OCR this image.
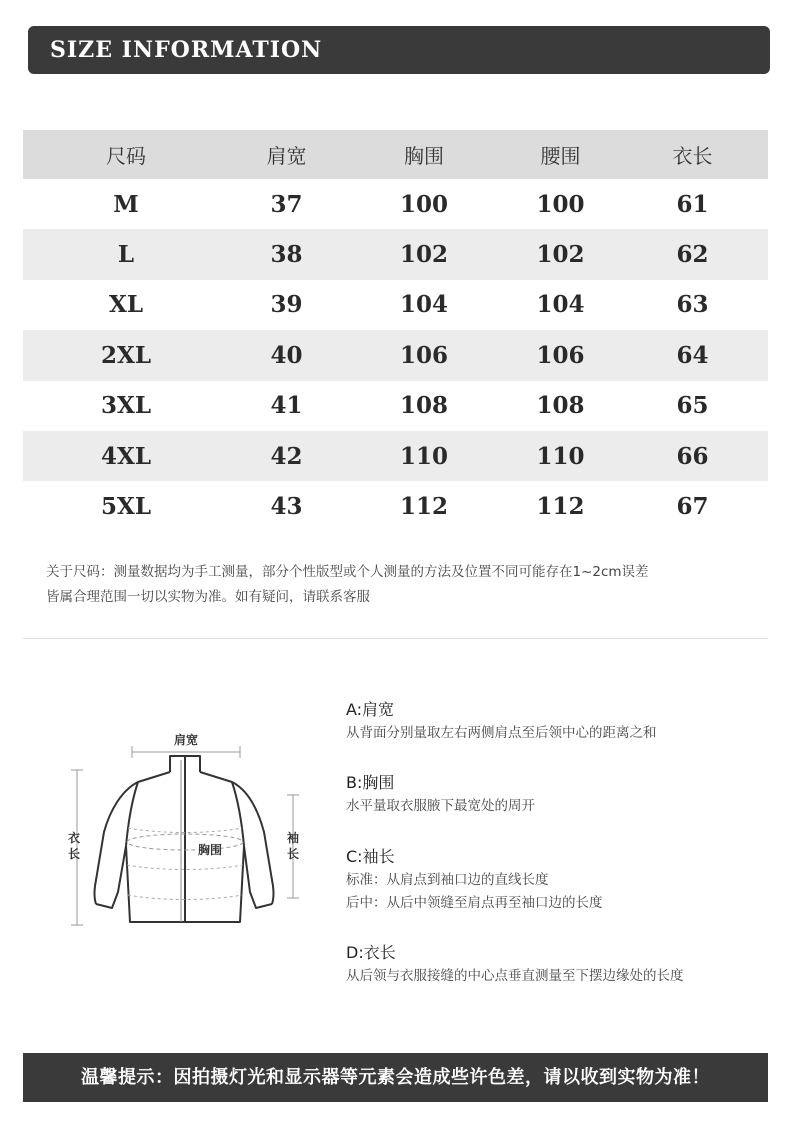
SIZE INFORMATION
尺码	肩宽	胸围	腰围	衣长
M	37	100	100	61
L	38	102	102	62
XL	39	104	104	63
2XL	40	106	106	64
3XL	41	108	108	65
4XL	42	110	110	66
5XL	43	112	112	67
关于尺码：测量数据均为手工测量，部分个性版型或个人测量的方法及位置不同可能存在1~2cm误差
皆属合理范围一切以实物为准。如有疑问，请联系客服
肩宽
衣
长
袖
长
胸围
A:肩宽
从背面分别量取左右两侧肩点至后领中心的距离之和
B:胸围
水平量取衣服腋下最宽处的周开
C:袖长
标准：从肩点到袖口边的直线长度
后中：从后中领缝至肩点再至袖口边的长度
D:衣长
从后领与衣服接缝的中心点垂直测量至下摆边缘处的长度
温馨提示：因拍摄灯光和显示器等元素会造成些许色差，请以收到实物为准！
